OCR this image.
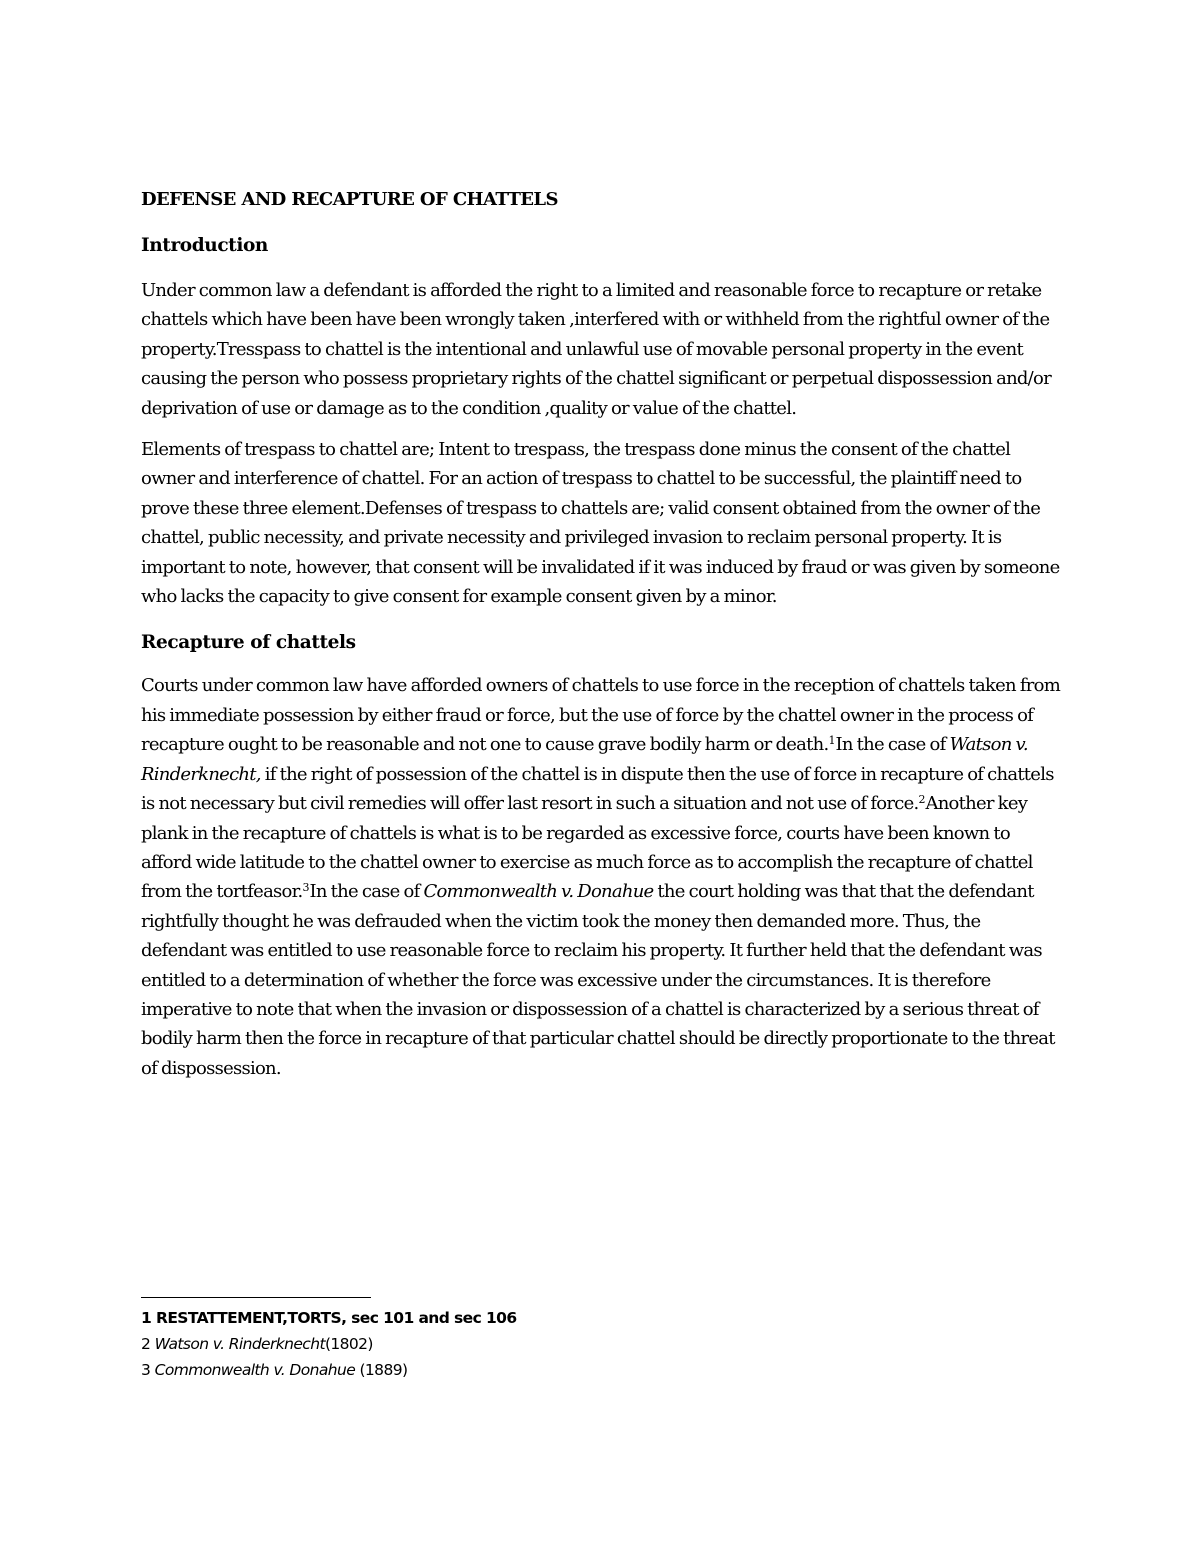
DEFENSE AND RECAPTURE OF CHATTELS
Introduction

Under common law a defendant is afforded the right to a limited and reasonable force to recapture or retake chattels which have been have been wrongly taken ,interfered with or withheld from the rightful owner of the property.Tresspass to chattel is the intentional and unlawful use of movable personal property in the event causing the person who possess proprietary rights of the chattel significant or perpetual dispossession and/or deprivation of use or damage as to the condition ,quality or value of the chattel.

Elements of trespass to chattel are; Intent to trespass, the trespass done minus the consent of the chattel owner and interference of chattel. For an action of trespass to chattel to be successful, the plaintiff need to prove these three element.Defenses of trespass to chattels are; valid consent obtained from the owner of the chattel, public necessity, and private necessity and privileged invasion to reclaim personal property. It is important to note, however, that consent will be invalidated if it was induced by fraud or was given by someone who lacks the capacity to give consent for example consent given by a minor.

Recapture of chattels

Courts under common law have afforded owners of chattels to use force in the reception of chattels taken from his immediate possession by either fraud or force, but the use of force by the chattel owner in the process of recapture ought to be reasonable and not one to cause grave bodily harm or death.$^1$In the case of Watson v. Rinderknecht, if the right of possession of the chattel is in dispute then the use of force in recapture of chattels is not necessary but civil remedies will offer last resort in such a situation and not use of force.$^2$Another key plank in the recapture of chattels is what is to be regarded as excessive force, courts have been known to afford wide latitude to the chattel owner to exercise as much force as to accomplish the recapture of chattel from the tortfeasor.$^3$In the case of Commonwealth v. Donahue the court holding was that that the defendant rightfully thought he was defrauded when the victim took the money then demanded more. Thus, the defendant was entitled to use reasonable force to reclaim his property. It further held that the defendant was entitled to a determination of whether the force was excessive under the circumstances. It is therefore imperative to note that when the invasion or dispossession of a chattel is characterized by a serious threat of bodily harm then the force in recapture of that particular chattel should be directly proportionate to the threat of dispossession.

1 RESTATTEMENT,TORTS, sec 101 and sec 106

2 Watson v. Rinderknecht(1802)

3 Commonwealth v. Donahue (1889)
